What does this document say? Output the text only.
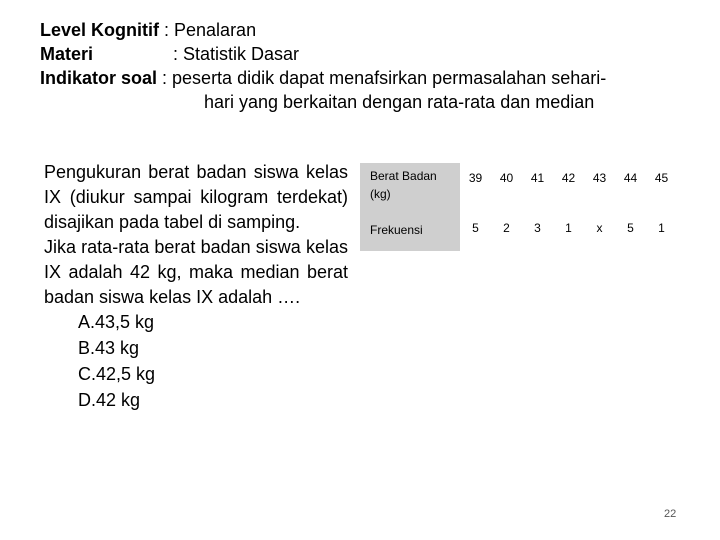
Level Kognitif : Penalaran
Materi	: Statistik Dasar
Indikator soal : peserta didik dapat menafsirkan permasalahan sehari-
hari yang berkaitan dengan rata-rata dan median

Pengukuran berat badan siswa kelas IX (diukur sampai kilogram terdekat) disajikan pada tabel di samping.

Jika rata-rata berat badan siswa kelas IX adalah 42 kg, maka median berat badan siswa kelas IX adalah ….

A.43,5 kg
B.43 kg
C.42,5 kg
D.42 kg
Berat Badan (kg)	39	40	41	42	43	44	45
Frekuensi	5	2	3	1	x	5	1
22
